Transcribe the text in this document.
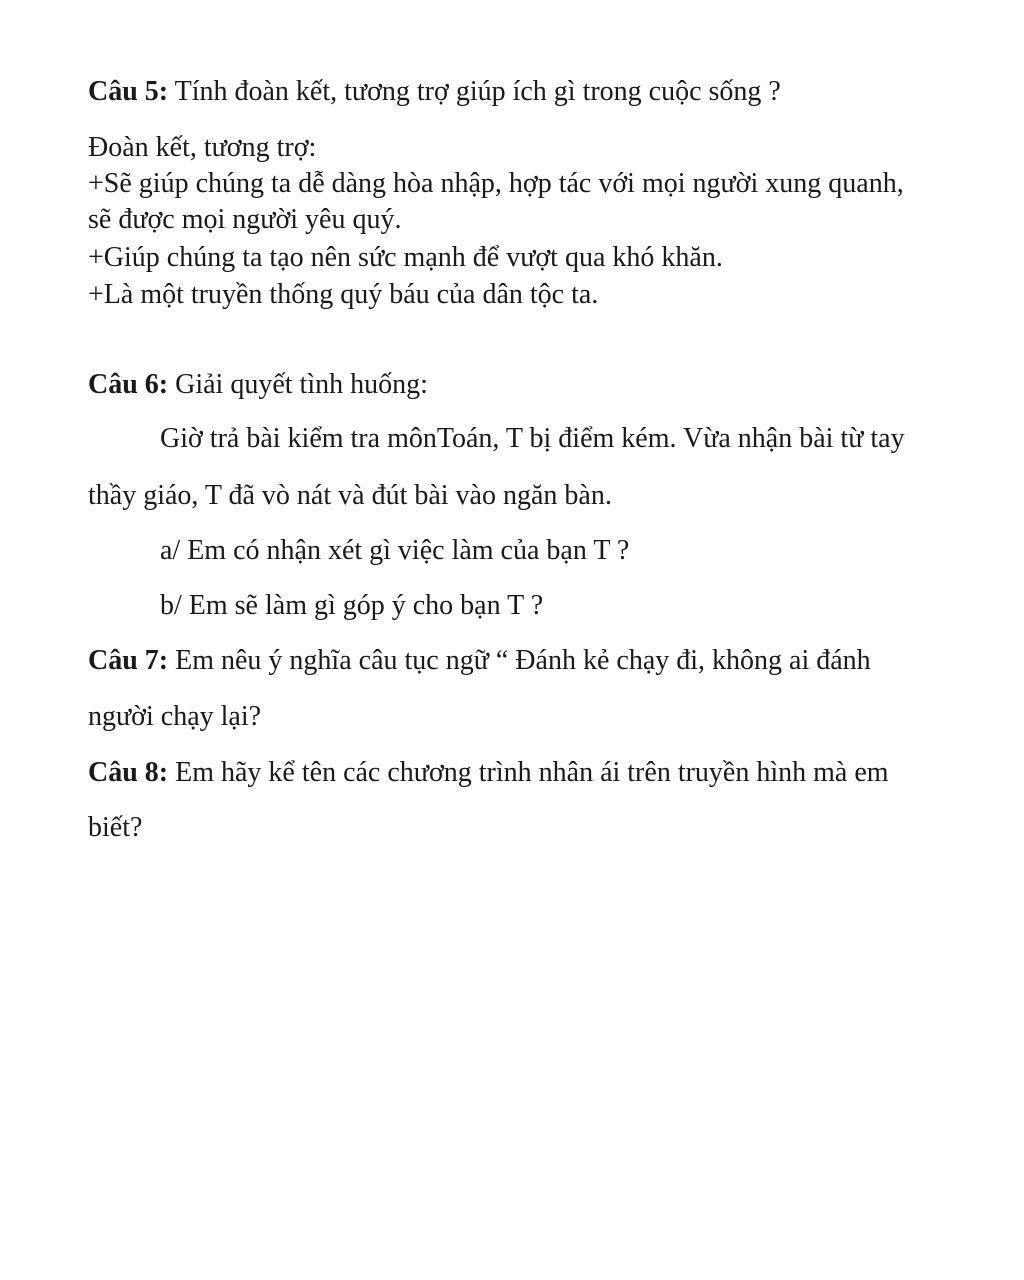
Câu 5: Tính đoàn kết, tương trợ giúp ích gì trong cuộc sống ?
Đoàn kết, tương trợ:
+Sẽ giúp chúng ta dễ dàng hòa nhập, hợp tác với mọi người xung quanh,
sẽ được mọi người yêu quý.
+Giúp chúng ta tạo nên sức mạnh để vượt qua khó khăn.
+Là một truyền thống quý báu của dân tộc ta.
Câu 6: Giải quyết tình huống:
Giờ trả bài kiểm tra mônToán, T bị điểm kém. Vừa nhận bài từ tay
thầy giáo, T đã vò nát và đút bài vào ngăn bàn.
a/ Em có nhận xét gì việc làm của bạn T ?
b/ Em sẽ làm gì góp ý cho bạn T ?
Câu 7: Em nêu ý nghĩa câu tục ngữ “ Đánh kẻ chạy đi, không ai đánh
người chạy lại?
Câu 8: Em hãy kể tên các chương trình nhân ái trên truyền hình mà em
biết?
